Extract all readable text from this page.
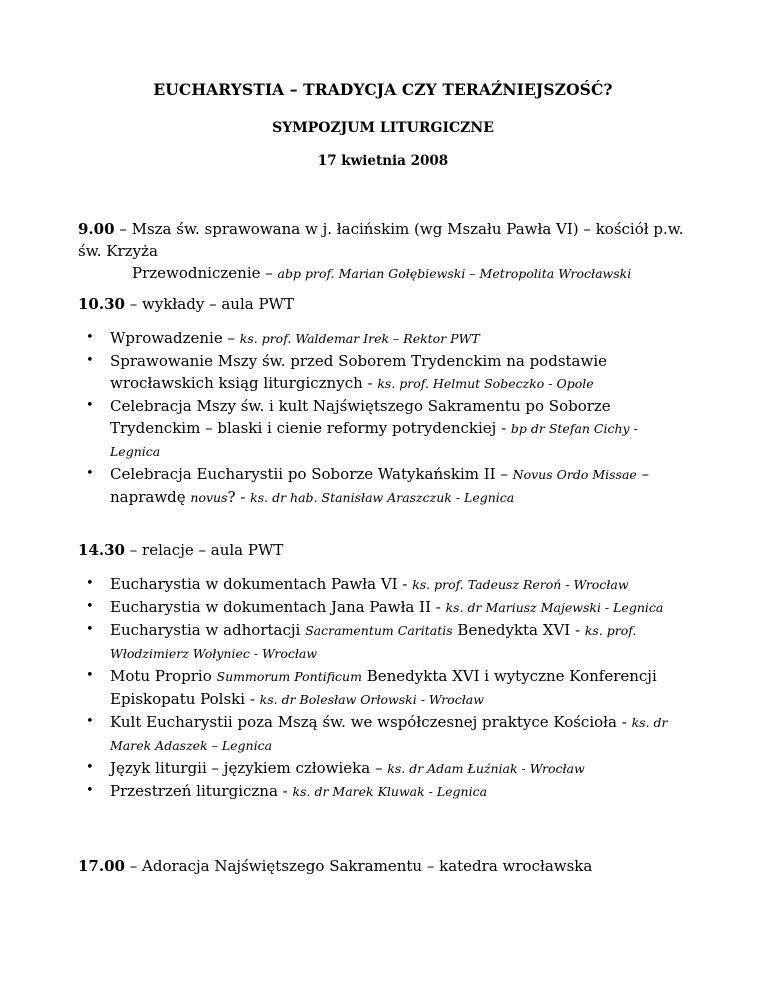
EUCHARYSTIA – TRADYCJA CZY TERAŹNIEJSZOŚĆ?
SYMPOZJUM LITURGICZNE
17 kwietnia 2008
9.00 – Msza św. sprawowana w j. łacińskim (wg Mszału Pawła VI) – kościół p.w. św. Krzyża
Przewodniczenie – abp prof. Marian Gołębiewski – Metropolita Wrocławski
10.30 – wykłady – aula PWT
• Wprowadzenie – ks. prof. Waldemar Irek – Rektor PWT
• Sprawowanie Mszy św. przed Soborem Trydenckim na podstawie wrocławskich ksiąg liturgicznych - ks. prof. Helmut Sobeczko - Opole
• Celebracja Mszy św. i kult Najświętszego Sakramentu po Soborze Trydenckim – blaski i cienie reformy potrydenckiej - bp dr Stefan Cichy - Legnica
• Celebracja Eucharystii po Soborze Watykańskim II – Novus Ordo Missae – naprawdę novus? - ks. dr hab. Stanisław Araszczuk - Legnica
14.30 – relacje – aula PWT
• Eucharystia w dokumentach Pawła VI - ks. prof. Tadeusz Reroń - Wrocław
• Eucharystia w dokumentach Jana Pawła II - ks. dr Mariusz Majewski - Legnica
• Eucharystia w adhortacji Sacramentum Caritatis Benedykta XVI - ks. prof. Włodzimierz Wołyniec - Wrocław
• Motu Proprio Summorum Pontificum Benedykta XVI i wytyczne Konferencji Episkopatu Polski - ks. dr Bolesław Orłowski - Wrocław
• Kult Eucharystii poza Mszą św. we współczesnej praktyce Kościoła - ks. dr Marek Adaszek – Legnica
• Język liturgii – językiem człowieka – ks. dr Adam Łuźniak - Wrocław
• Przestrzeń liturgiczna - ks. dr Marek Kluwak - Legnica
17.00 – Adoracja Najświętszego Sakramentu – katedra wrocławska
